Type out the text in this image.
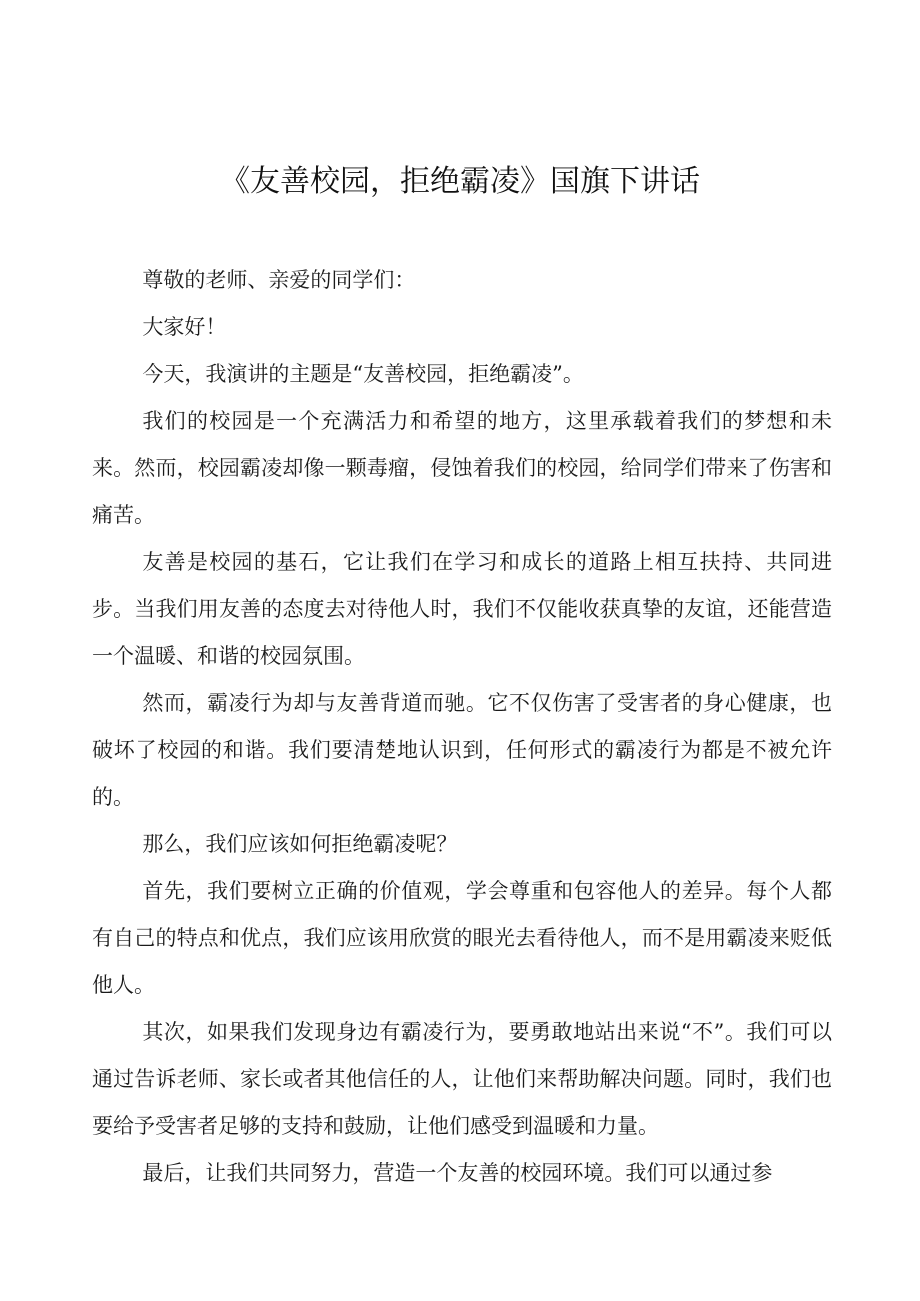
《友善校园，拒绝霸凌》国旗下讲话

尊敬的老师、亲爱的同学们：

大家好！

今天，我演讲的主题是“友善校园，拒绝霸凌”。

我们的校园是一个充满活力和希望的地方，这里承载着我们的梦想和未来。然而，校园霸凌却像一颗毒瘤，侵蚀着我们的校园，给同学们带来了伤害和痛苦。

友善是校园的基石，它让我们在学习和成长的道路上相互扶持、共同进步。当我们用友善的态度去对待他人时，我们不仅能收获真挚的友谊，还能营造一个温暖、和谐的校园氛围。

然而，霸凌行为却与友善背道而驰。它不仅伤害了受害者的身心健康，也破坏了校园的和谐。我们要清楚地认识到，任何形式的霸凌行为都是不被允许的。

那么，我们应该如何拒绝霸凌呢？

首先，我们要树立正确的价值观，学会尊重和包容他人的差异。每个人都有自己的特点和优点，我们应该用欣赏的眼光去看待他人，而不是用霸凌来贬低他人。

其次，如果我们发现身边有霸凌行为，要勇敢地站出来说“不”。我们可以通过告诉老师、家长或者其他信任的人，让他们来帮助解决问题。同时，我们也要给予受害者足够的支持和鼓励，让他们感受到温暖和力量。

最后，让我们共同努力，营造一个友善的校园环境。我们可以通过参
